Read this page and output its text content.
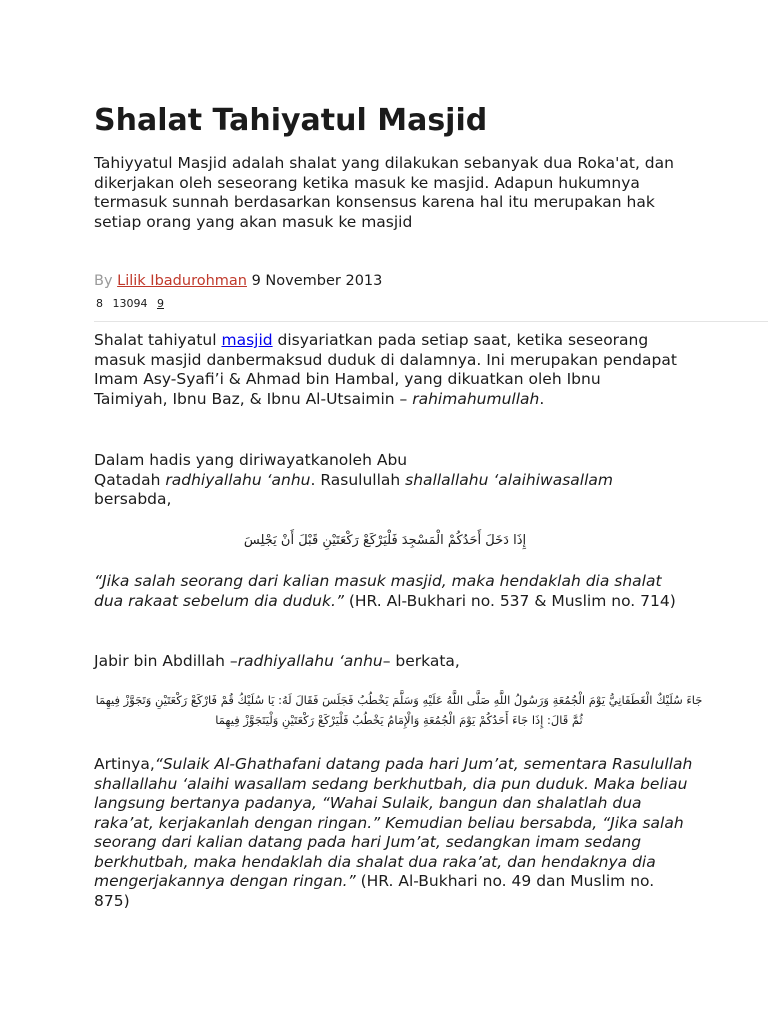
Shalat Tahiyatul Masjid

Tahiyyatul Masjid adalah shalat yang dilakukan sebanyak dua Roka'at, dan dikerjakan oleh seseorang ketika masuk ke masjid. Adapun hukumnya termasuk sunnah berdasarkan konsensus karena hal itu merupakan hak setiap orang yang akan masuk ke masjid

By Lilik Ibadurohman 9 November 2013

8 13094 9

Shalat tahiyatul masjid disyariatkan pada setiap saat, ketika seseorang masuk masjid danbermaksud duduk di dalamnya. Ini merupakan pendapat Imam Asy-Syafi’i & Ahmad bin Hambal, yang dikuatkan oleh Ibnu Taimiyah, Ibnu Baz, & Ibnu Al-Utsaimin – rahimahumullah.

Dalam hadis yang diriwayatkanoleh Abu
Qatadah radhiyallahu ‘anhu. Rasulullah shallallahu ‘alaihiwasallam bersabda,

إِذَا دَخَلَ أَحَدُكُمْ الْمَسْجِدَ فَلْيَرْكَعْ رَكْعَتَيْنِ قَبْلَ أَنْ يَجْلِسَ

“Jika salah seorang dari kalian masuk masjid, maka hendaklah dia shalat dua rakaat sebelum dia duduk.” (HR. Al-Bukhari no. 537 & Muslim no. 714)

Jabir bin Abdillah –radhiyallahu ‘anhu– berkata,

جَاءَ سُلَيْكٌ الْغَطَفَانِيُّ يَوْمَ الْجُمُعَةِ وَرَسُولُ اللَّهِ صَلَّى اللَّهُ عَلَيْهِ وَسَلَّمَ يَخْطُبُ فَجَلَسَ فَقَالَ لَهُ: يَا سُلَيْكُ قُمْ فَارْكَعْ رَكْعَتَيْنِ وَتَجَوَّزْ فِيهِمَا ثُمَّ قَالَ: إِذَا جَاءَ أَحَدُكُمْ يَوْمَ الْجُمُعَةِ وَالْإِمَامُ يَخْطُبُ فَلْيَرْكَعْ رَكْعَتَيْنِ وَلْيَتَجَوَّزْ فِيهِمَا

Artinya,“Sulaik Al-Ghathafani datang pada hari Jum’at, sementara Rasulullah shallallahu ‘alaihi wasallam sedang berkhutbah, dia pun duduk. Maka beliau langsung bertanya padanya, “Wahai Sulaik, bangun dan shalatlah dua raka’at, kerjakanlah dengan ringan.” Kemudian beliau bersabda, “Jika salah seorang dari kalian datang pada hari Jum’at, sedangkan imam sedang berkhutbah, maka hendaklah dia shalat dua raka’at, dan hendaknya dia mengerjakannya dengan ringan.” (HR. Al-Bukhari no. 49 dan Muslim no. 875)
